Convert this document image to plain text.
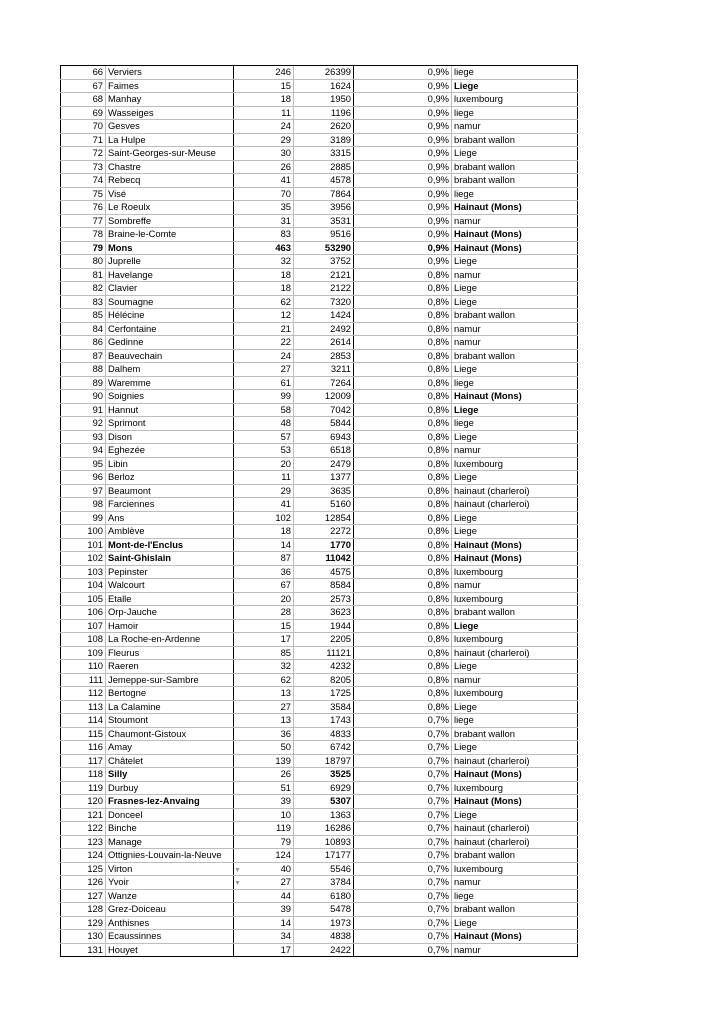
66	Verviers	246	26399	0,9%	liege
67	Faimes	15	1624	0,9%	Liege
68	Manhay	18	1950	0,9%	luxembourg
69	Wasseiges	11	1196	0,9%	liege
70	Gesves	24	2620	0,9%	namur
71	La Hulpe	29	3189	0,9%	brabant wallon
72	Saint-Georges-sur-Meuse	30	3315	0,9%	Liege
73	Chastre	26	2885	0,9%	brabant wallon
74	Rebecq	41	4578	0,9%	brabant wallon
75	Visé	70	7864	0,9%	liege
76	Le Roeulx	35	3956	0,9%	Hainaut (Mons)
77	Sombreffe	31	3531	0,9%	namur
78	Braine-le-Comte	83	9516	0,9%	Hainaut (Mons)
79	Mons	463	53290	0,9%	Hainaut (Mons)
80	Juprelle	32	3752	0,9%	Liege
81	Havelange	18	2121	0,8%	namur
82	Clavier	18	2122	0,8%	Liege
83	Soumagne	62	7320	0,8%	Liege
85	Hélécine	12	1424	0,8%	brabant wallon
84	Cerfontaine	21	2492	0,8%	namur
86	Gedinne	22	2614	0,8%	namur
87	Beauvechain	24	2853	0,8%	brabant wallon
88	Dalhem	27	3211	0,8%	Liege
89	Waremme	61	7264	0,8%	liege
90	Soignies	99	12009	0,8%	Hainaut (Mons)
91	Hannut	58	7042	0,8%	Liege
92	Sprimont	48	5844	0,8%	liege
93	Dison	57	6943	0,8%	Liege
94	Eghezée	53	6518	0,8%	namur
95	Libin	20	2479	0,8%	luxembourg
96	Berloz	11	1377	0,8%	Liege
97	Beaumont	29	3635	0,8%	hainaut (charleroi)
98	Farciennes	41	5160	0,8%	hainaut (charleroi)
99	Ans	102	12854	0,8%	Liege
100	Amblève	18	2272	0,8%	Liege
101	Mont-de-l'Enclus	14	1770	0,8%	Hainaut (Mons)
102	Saint-Ghislain	87	11042	0,8%	Hainaut (Mons)
103	Pepinster	36	4575	0,8%	luxembourg
104	Walcourt	67	8584	0,8%	namur
105	Etalle	20	2573	0,8%	luxembourg
106	Orp-Jauche	28	3623	0,8%	brabant wallon
107	Hamoir	15	1944	0,8%	Liege
108	La Roche-en-Ardenne	17	2205	0,8%	luxembourg
109	Fleurus	85	11121	0,8%	hainaut (charleroi)
110	Raeren	32	4232	0,8%	Liege
111	Jemeppe-sur-Sambre	62	8205	0,8%	namur
112	Bertogne	13	1725	0,8%	luxembourg
113	La Calamine	27	3584	0,8%	Liege
114	Stoumont	13	1743	0,7%	liege
115	Chaumont-Gistoux	36	4833	0,7%	brabant wallon
116	Amay	50	6742	0,7%	Liege
117	Châtelet	139	18797	0,7%	hainaut (charleroi)
118	Silly	26	3525	0,7%	Hainaut (Mons)
119	Durbuy	51	6929	0,7%	luxembourg
120	Frasnes-lez-Anvaing	39	5307	0,7%	Hainaut (Mons)
121	Donceel	10	1363	0,7%	Liege
122	Binche	119	16286	0,7%	hainaut (charleroi)
123	Manage	79	10893	0,7%	hainaut (charleroi)
124	Ottignies-Louvain-la-Neuve	124	17177	0,7%	brabant wallon
125	Virton	40	5546	0,7%	luxembourg
126	Yvoir	27	3784	0,7%	namur
127	Wanze	44	6180	0,7%	liege
128	Grez-Doiceau	39	5478	0,7%	brabant wallon
129	Anthisnes	14	1973	0,7%	Liege
130	Ecaussinnes	34	4838	0,7%	Hainaut (Mons)
131	Houyet	17	2422	0,7%	namur
▼
▼
